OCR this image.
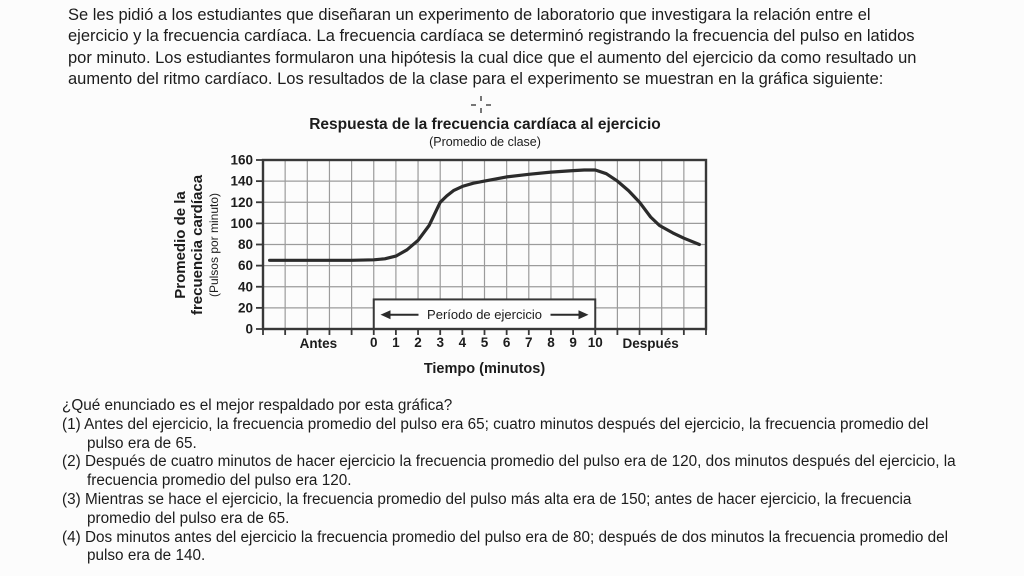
Se les pidió a los estudiantes que diseñaran un experimento de laboratorio que investigara la relación entre el ejercicio y la frecuencia cardíaca. La frecuencia cardíaca se determinó registrando la frecuencia del pulso en latidos por minuto. Los estudiantes formularon una hipótesis la cual dice que el aumento del ejercicio da como resultado un aumento del ritmo cardíaco. Los resultados de la clase para el experimento se muestran en la gráfica siguiente:

Respuesta de la frecuencia cardíaca al ejercicio
(Promedio de clase)
Promedio de la frecuencia cardíaca (Pulsos por minuto)
Período de ejercicio
0
20
40
60
80
100
120
140
160
0 1 2 3 4 5 6 7 8 9 10
Antes	Después
Tiempo (minutos)

¿Qué enunciado es el mejor respaldado por esta gráfica?

(1) Antes del ejercicio, la frecuencia promedio del pulso era 65; cuatro minutos después del ejercicio, la frecuencia promedio del pulso era de 65.
(2) Después de cuatro minutos de hacer ejercicio la frecuencia promedio del pulso era de 120, dos minutos después del ejercicio, la frecuencia promedio del pulso era 120.
(3) Mientras se hace el ejercicio, la frecuencia promedio del pulso más alta era de 150; antes de hacer ejercicio, la frecuencia promedio del pulso era de 65.
(4) Dos minutos antes del ejercicio la frecuencia promedio del pulso era de 80; después de dos minutos la frecuencia promedio del pulso era de 140.
